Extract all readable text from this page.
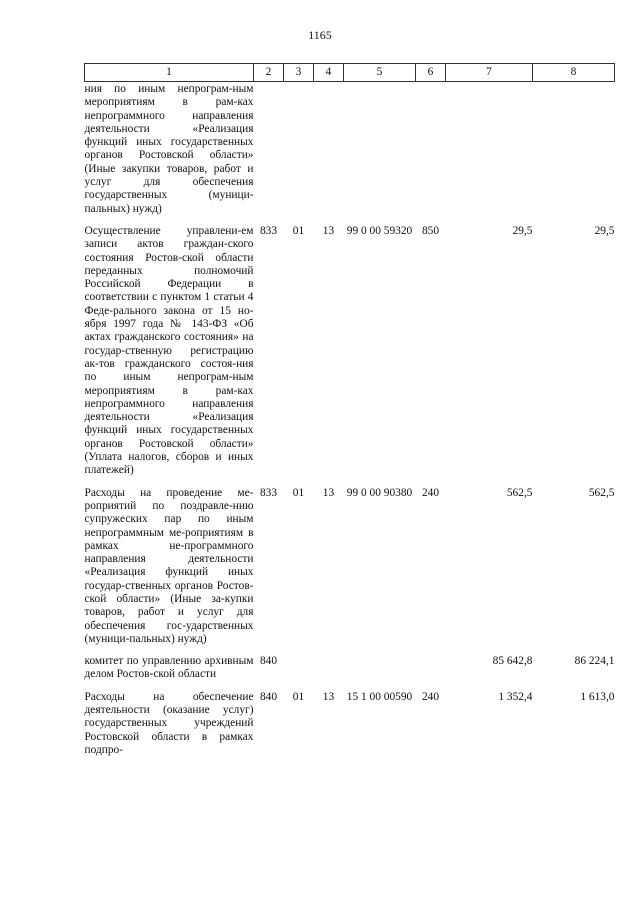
1165
1	2	3	4	5	6	7	8
ния по иным непрограм-ным мероприятиям в рам-ках непрограммного направления деятельности «Реализация функций иных государственных органов Ростовской области» (Иные закупки товаров, работ и услуг для обеспечения государственных (муници-пальных) нужд)							

Осуществление управлени-ем записи актов граждан-ского состояния Ростов-ской области переданных полномочий Российской Федерации в соответствии с пунктом 1 статьи 4 Феде-рального закона от 15 но-ября 1997 года № 143-ФЗ «Об актах гражданского состояния» на государ-ственную регистрацию ак-тов гражданского состоя-ния по иным непрограм-ным мероприятиям в рам-ках непрограммного направления деятельности «Реализация функций иных государственных органов Ростовской области» (Уплата налогов, сборов и иных платежей)	833	01	13	99 0 00 59320	850	29,5	29,5

Расходы на проведение ме-роприятий по поздравле-нию супружеских пар по иным непрограммным ме-роприятиям в рамках не-программного направления деятельности «Реализация функций иных государ-ственных органов Ростов-ской области» (Иные за-купки товаров, работ и услуг для обеспечения гос-ударственных (муници-пальных) нужд)	833	01	13	99 0 00 90380	240	562,5	562,5

комитет по управлению архивным делом Ростов-ской области	840					85 642,8	86 224,1

Расходы на обеспечение деятельности (оказание услуг) государственных учреждений Ростовской области в рамках подпро-	840	01	13	15 1 00 00590	240	1 352,4	1 613,0
